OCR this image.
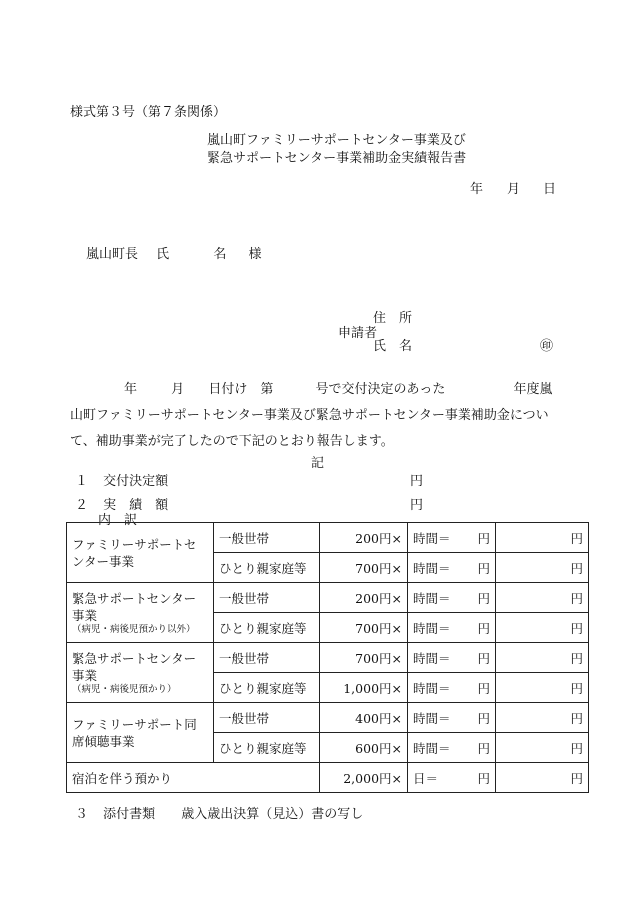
様式第３号（第７条関係）
嵐山町ファミリーサポートセンター事業及び
緊急サポートセンター事業補助金実績報告書
年 月 日
嵐山町長 氏	名 様
申請者
住　所
氏　名	㊞
年	月 日付け　第	号で交付決定のあった	年度嵐
山町ファミリーサポートセンター事業及び緊急サポートセンター事業補助金につい
て、補助事業が完了したので下記のとおり報告します。
記
１ 交付決定額	円
２ 実　績　額	円
内　訳
ファミリーサポートセンター事業	一般世帯	200円×	時間＝ 円	円
	ひとり親家庭等	700円×	時間＝ 円	円
緊急サポートセンター事業
（病児・病後児預かり以外）	一般世帯	200円×	時間＝ 円	円
	ひとり親家庭等	700円×	時間＝ 円	円
緊急サポートセンター事業
（病児・病後児預かり）	一般世帯	700円×	時間＝ 円	円
	ひとり親家庭等	1,000円×	時間＝ 円	円
ファミリーサポート同席傾聴事業	一般世帯	400円×	時間＝ 円	円
	ひとり親家庭等	600円×	時間＝ 円	円
宿泊を伴う預かり		2,000円×	日＝ 円	円
３ 添付書類 歳入歳出決算（見込）書の写し
